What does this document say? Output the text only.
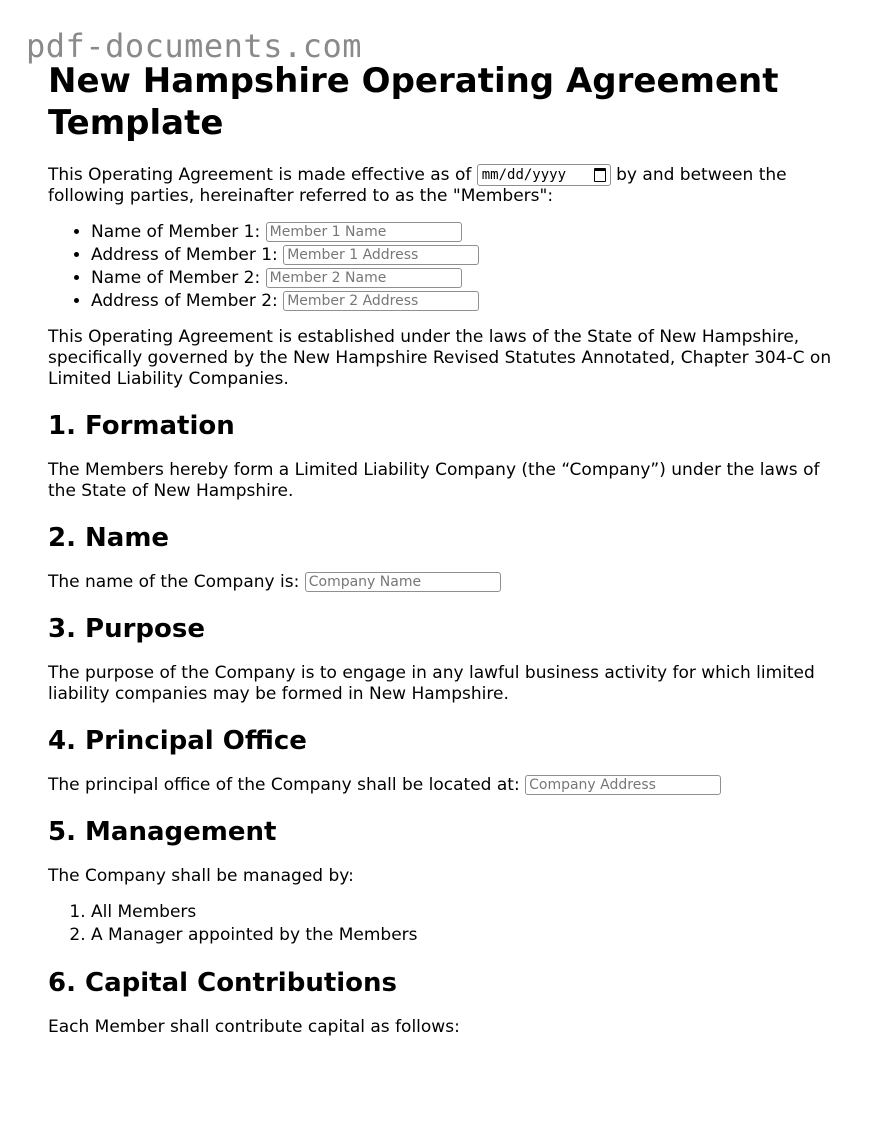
pdf-documents.com
New Hampshire Operating Agreement Template

This Operating Agreement is made effective as of mm/dd/yyyy	by and between the following parties, hereinafter referred to as the "Members":

• Name of Member 1: Member 1 Name
• Address of Member 1: Member 1 Address
• Name of Member 2: Member 2 Name
• Address of Member 2: Member 2 Address

This Operating Agreement is established under the laws of the State of New Hampshire, specifically governed by the New Hampshire Revised Statutes Annotated, Chapter 304-C on Limited Liability Companies.

1. Formation

The Members hereby form a Limited Liability Company (the “Company”) under the laws of the State of New Hampshire.

2. Name

The name of the Company is: Company Name

3. Purpose

The purpose of the Company is to engage in any lawful business activity for which limited liability companies may be formed in New Hampshire.

4. Principal Office

The principal office of the Company shall be located at: Company Address

5. Management

The Company shall be managed by:

1. All Members
2. A Manager appointed by the Members
6. Capital Contributions

Each Member shall contribute capital as follows:
